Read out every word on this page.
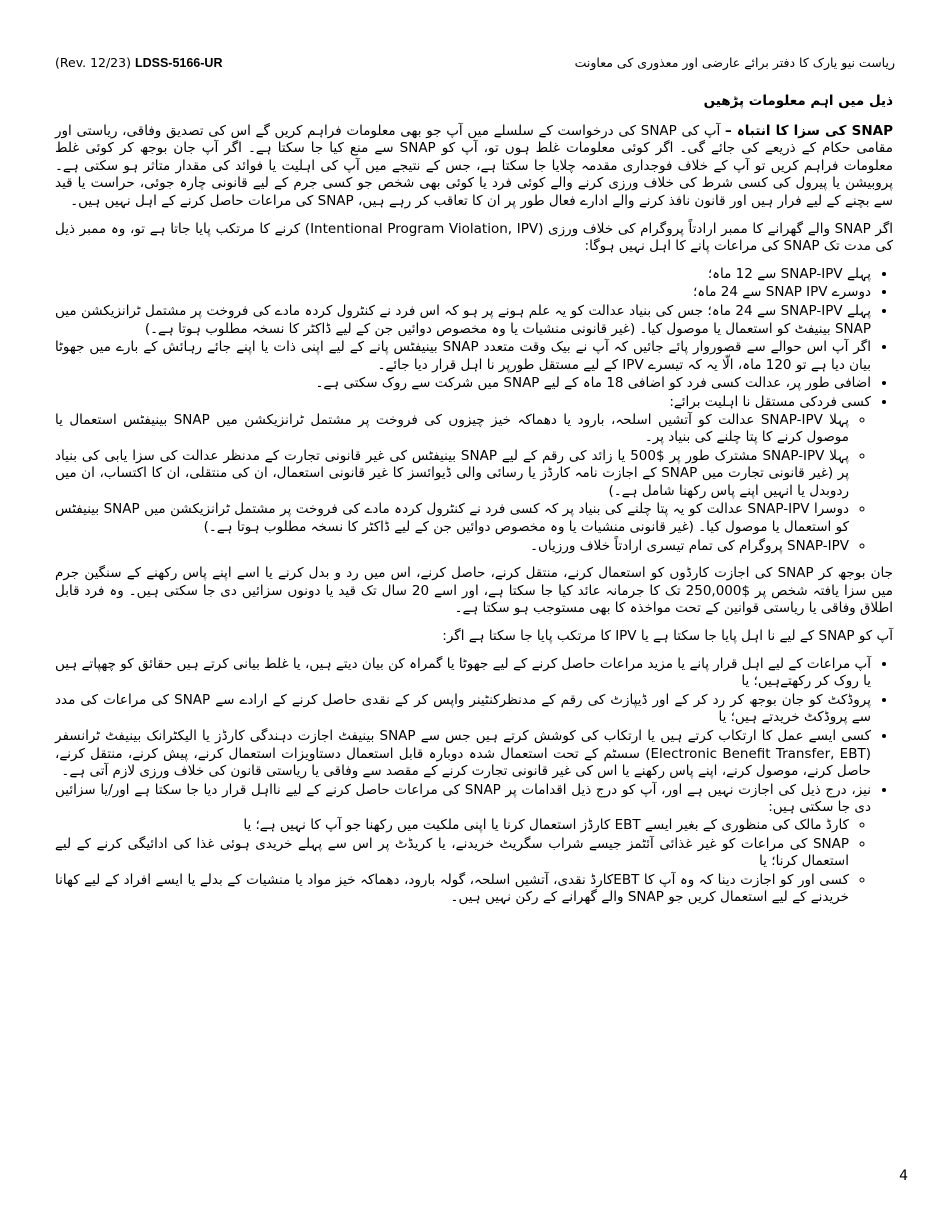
(Rev. 12/23) LDSS-5166-UR	ریاست نیو یارک کا دفتر برائے عارضی اور معذوری کی معاونت

ذیل میں اہم معلومات پڑھیں

SNAP کی سزا کا انتباہ – آپ کی SNAP کی درخواست کے سلسلے میں آپ جو بھی معلومات فراہم کریں گے اس کی تصدیق وفاقی، ریاستی اور مقامی حکام کے ذریعے کی جائے گی۔ اگر کوئی معلومات غلط ہوں تو، آپ کو SNAP سے منع کیا جا سکتا ہے۔ اگر آپ جان بوجھ کر کوئی غلط معلومات فراہم کریں تو آپ کے خلاف فوجداری مقدمہ چلایا جا سکتا ہے، جس کے نتیجے میں آپ کی اہلیت یا فوائد کی مقدار متاثر ہو سکتی ہے۔ پروبیشن یا پیرول کی کسی شرط کی خلاف ورزی کرنے والے کوئی فرد یا کوئی بھی شخص جو کسی جرم کے لیے قانونی چارہ جوئی، حراست یا قید سے بچنے کے لیے فرار ہیں اور قانون نافذ کرنے والے ادارے فعال طور پر ان کا تعاقب کر رہے ہیں، SNAP کی مراعات حاصل کرنے کے اہل نہیں ہیں۔

اگر SNAP والے گھرانے کا ممبر ارادتاً پروگرام کی خلاف ورزی (Intentional Program Violation, IPV) کرنے کا مرتکب پایا جاتا ہے تو، وہ ممبر ذیل کی مدت تک SNAP کی مراعات پانے کا اہل نہیں ہوگا:

• پہلے SNAP-IPV سے 12 ماہ؛
• دوسرے SNAP IPV سے 24 ماہ؛
• پہلے SNAP-IPV سے 24 ماہ؛ جس کی بنیاد عدالت کو یہ علم ہونے پر ہو کہ اس فرد نے کنٹرول کردہ مادے کی فروخت پر مشتمل ٹرانزیکشن میں SNAP بینیفٹ کو استعمال یا موصول کیا۔ (غیر قانونی منشیات یا وہ مخصوص دوائیں جن کے لیے ڈاکٹر کا نسخہ مطلوب ہوتا ہے۔)
• اگر آپ اس حوالے سے قصوروار پائے جائیں کہ آپ نے بیک وقت متعدد SNAP بینیفٹس پانے کے لیے اپنی ذات یا اپنے جائے رہائش کے بارے میں جھوٹا بیان دیا ہے تو 120 ماہ، الّا یہ کہ تیسرے IPV کے لیے مستقل طورپر نا اہل قرار دیا جائے۔
• اضافی طور پر، عدالت کسی فرد کو اضافی 18 ماہ کے لیے SNAP میں شرکت سے روک سکتی ہے۔
• کسی فردکی مستقل نا اہلیت برائے:
◦ پہلا SNAP-IPV عدالت کو آتشیں اسلحہ، بارود یا دھماکہ خیز چیزوں کی فروخت پر مشتمل ٹرانزیکشن میں SNAP بینیفٹس استعمال یا موصول کرنے کا پتا چلنے کی بنیاد پر۔
◦ پہلا SNAP-IPV مشترک طور پر $500 یا زائد کی رقم کے لیے SNAP بینیفٹس کی غیر قانونی تجارت کے مدنظر عدالت کی سزا یابی کی بنیاد پر (غیر قانونی تجارت میں SNAP کے اجازت نامہ کارڈز یا رسائی والی ڈیوائسز کا غیر قانونی استعمال، ان کی منتقلی، ان کا اکتساب، ان میں ردوبدل یا انہیں اپنے پاس رکھنا شامل ہے۔)
◦ دوسرا SNAP-IPV عدالت کو یہ پتا چلنے کی بنیاد پر کہ کسی فرد نے کنٹرول کردہ مادے کی فروخت پر مشتمل ٹرانزیکشن میں SNAP بینیفٹس کو استعمال یا موصول کیا۔ (غیر قانونی منشیات یا وہ مخصوص دوائیں جن کے لیے ڈاکٹر کا نسخہ مطلوب ہوتا ہے۔)
◦ SNAP-IPV پروگرام کی تمام تیسری ارادتاً خلاف ورزیاں۔

جان بوجھ کر SNAP کی اجازت کارڈوں کو استعمال کرنے، منتقل کرنے، حاصل کرنے، اس میں رد و بدل کرنے یا اسے اپنے پاس رکھنے کے سنگین جرم میں سزا یافتہ شخص پر $250,000 تک کا جرمانہ عائد کیا جا سکتا ہے، اور اسے 20 سال تک قید یا دونوں سزائیں دی جا سکتی ہیں۔ وہ فرد قابل اطلاق وفاقی یا ریاستی قوانین کے تحت مواخذہ کا بھی مستوجب ہو سکتا ہے۔

آپ کو SNAP کے لیے نا اہل پایا جا سکتا ہے یا IPV کا مرتکب پایا جا سکتا ہے اگر:

• آپ مراعات کے لیے اہل قرار پانے یا مزید مراعات حاصل کرنے کے لیے جھوٹا یا گمراہ کن بیان دیتے ہیں، یا غلط بیانی کرتے ہیں حقائق کو چھپاتے ہیں یا روک کر رکھتےہیں؛ یا
• پروڈکٹ کو جان بوجھ کر رد کر کے اور ڈیپازٹ کی رقم کے مدنظرکنٹینر واپس کر کے نقدی حاصل کرنے کے ارادے سے SNAP کی مراعات کی مدد سے پروڈکٹ خریدتے ہیں؛ یا
• کسی ایسے عمل کا ارتکاب کرتے ہیں یا ارتکاب کی کوشش کرتے ہیں جس سے SNAP بینیفٹ اجازت دہندگی کارڈز یا الیکٹرانک بینیفٹ ٹرانسفر (Electronic Benefit Transfer, EBT) سسٹم کے تحت استعمال شدہ دوبارہ قابل استعمال دستاویزات استعمال کرنے، پیش کرنے، منتقل کرنے، حاصل کرنے، موصول کرنے، اپنے پاس رکھنے یا اس کی غیر قانونی تجارت کرنے کے مقصد سے وفاقی یا ریاستی قانون کی خلاف ورزی لازم آتی ہے۔
• نیز، درج ذیل کی اجازت نہیں ہے اور، آپ کو درج ذیل اقدامات پر SNAP کی مراعات حاصل کرنے کے لیے نااہل قرار دیا جا سکتا ہے اور/یا سزائیں دی جا سکتی ہیں:
◦ کارڈ مالک کی منظوری کے بغیر ایسے EBT کارڈز استعمال کرنا یا اپنی ملکیت میں رکھنا جو آپ کا نہیں ہے؛ یا
◦ SNAP کی مراعات کو غیر غذائی آئٹمز جیسے شراب سگریٹ خریدنے، یا کریڈٹ پر اس سے پہلے خریدی ہوئی غذا کی ادائیگی کرنے کے لیے استعمال کرنا؛ یا
◦ کسی اور کو اجازت دینا کہ وہ آپ کا EBTکارڈ نقدی، آتشیں اسلحہ، گولہ بارود، دھماکہ خیز مواد یا منشیات کے بدلے یا ایسے افراد کے لیے کھانا خریدنے کے لیے استعمال کریں جو SNAP والے گھرانے کے رکن نہیں ہیں۔
4
